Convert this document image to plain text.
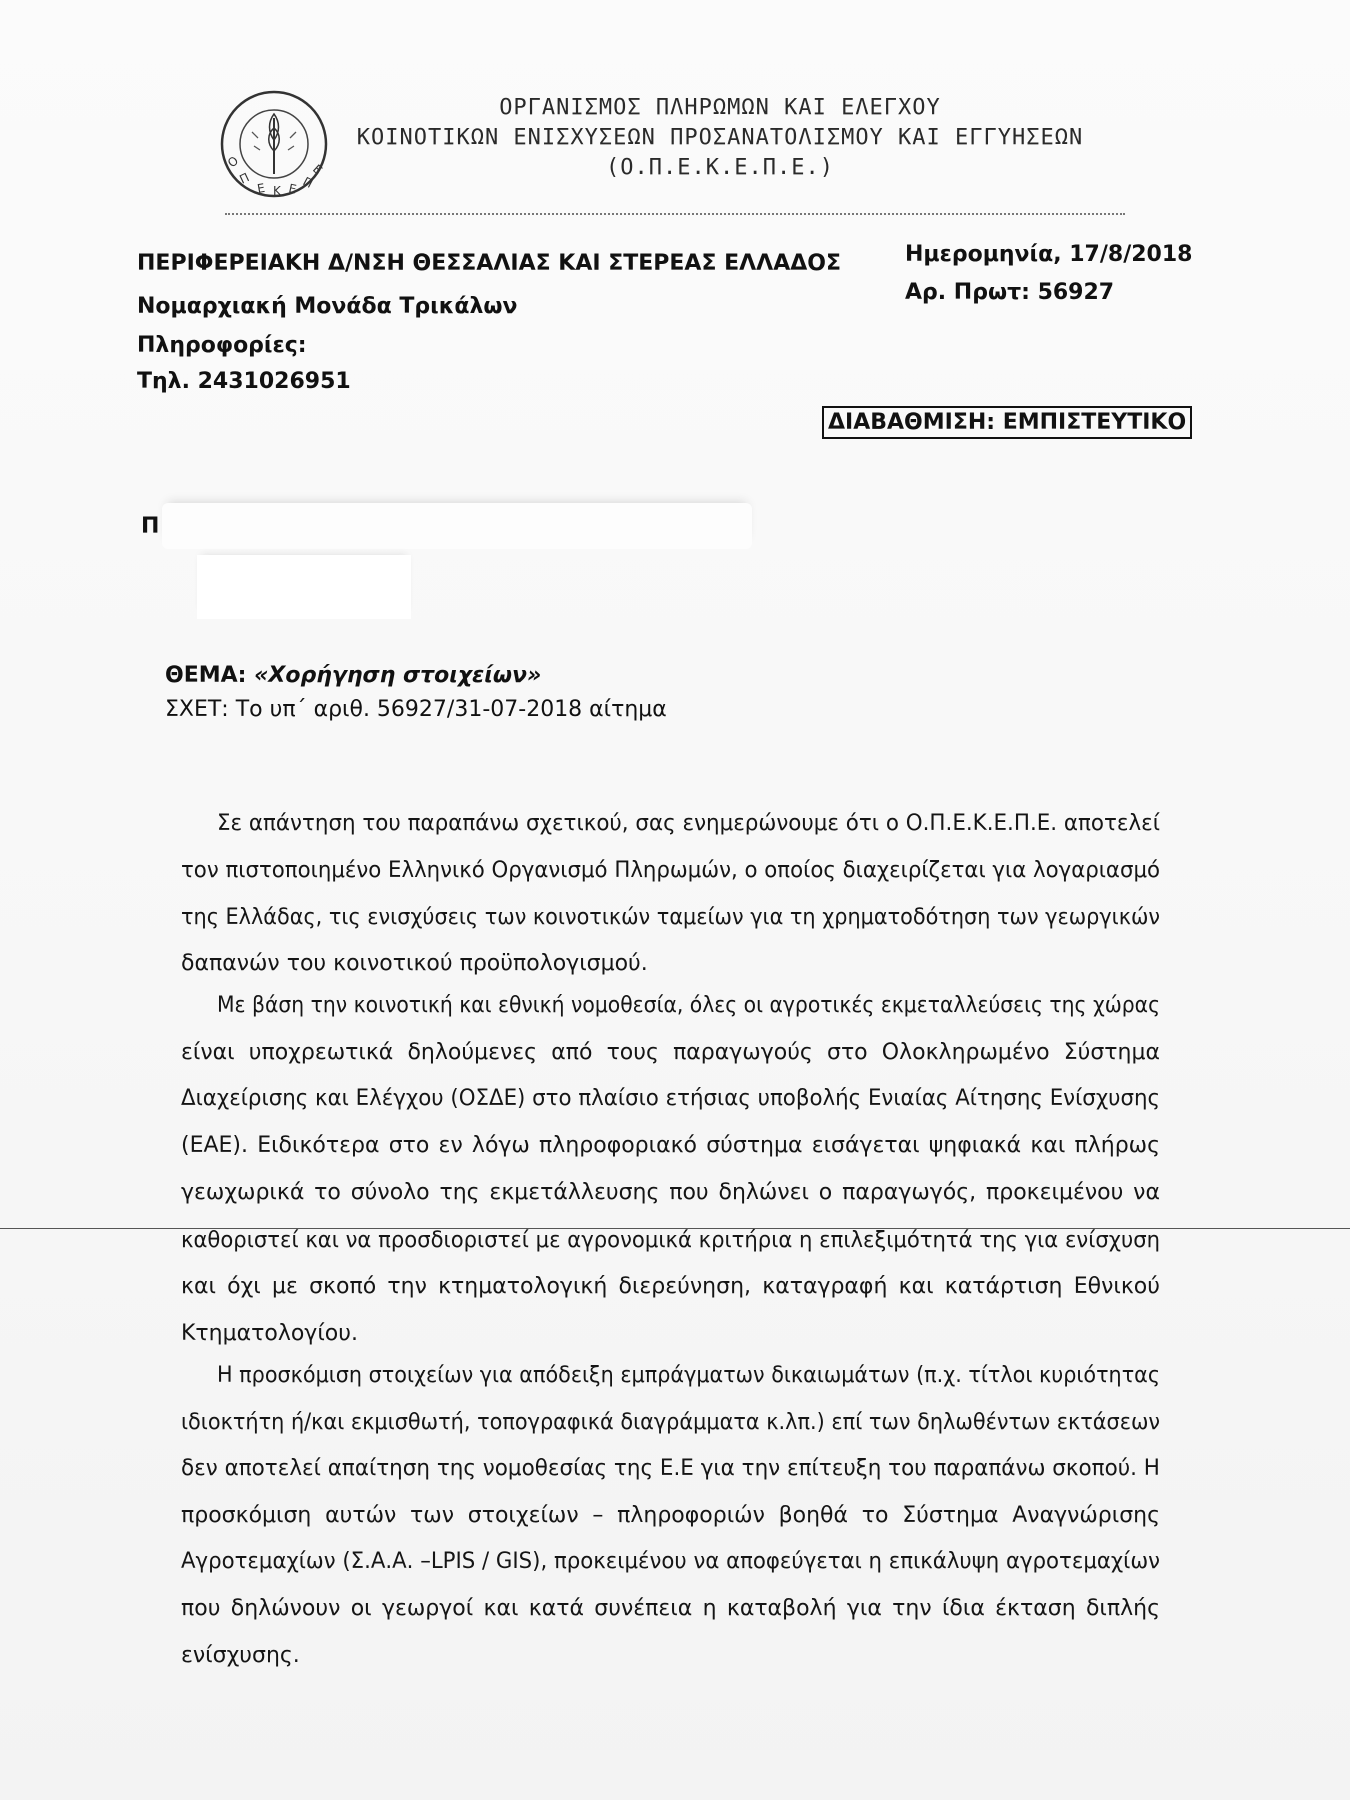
Ο
Π
Ε Κ Ε Π
Ε
ΟΡΓΑΝΙΣΜΟΣ ΠΛΗΡΩΜΩΝ ΚΑΙ ΕΛΕΓΧΟΥ
ΚΟΙΝΟΤΙΚΩΝ ΕΝΙΣΧΥΣΕΩΝ ΠΡΟΣΑΝΑΤΟΛΙΣΜΟΥ ΚΑΙ ΕΓΓΥΗΣΕΩΝ
(Ο.Π.Ε.Κ.Ε.Π.Ε.)
ΠΕΡΙΦΕΡΕΙΑΚΗ Δ/ΝΣΗ ΘΕΣΣΑΛΙΑΣ ΚΑΙ ΣΤΕΡΕΑΣ ΕΛΛΑΔΟΣ
Νομαρχιακή Μονάδα Τρικάλων
Πληροφορίες:
Τηλ. 2431026951
Ημερομηνία, 17/8/2018
Αρ. Πρωτ: 56927
ΔΙΑΒΑΘΜΙΣΗ: ΕΜΠΙΣΤΕΥΤΙΚΟ
Π
ΘΕΜΑ: «Χορήγηση στοιχείων»
ΣΧΕΤ: Το υπ΄ αριθ. 56927/31-07-2018 αίτημα
Σε απάντηση του παραπάνω σχετικού, σας ενημερώνουμε ότι ο Ο.Π.Ε.Κ.Ε.Π.Ε. αποτελεί
τον πιστοποιημένο Ελληνικό Οργανισμό Πληρωμών, ο οποίος διαχειρίζεται για λογαριασμό
της Ελλάδας, τις ενισχύσεις των κοινοτικών ταμείων για τη χρηματοδότηση των γεωργικών
δαπανών του κοινοτικού προϋπολογισμού.
Με βάση την κοινοτική και εθνική νομοθεσία, όλες οι αγροτικές εκμεταλλεύσεις της χώρας
είναι υποχρεωτικά δηλούμενες από τους παραγωγούς στο Ολοκληρωμένο Σύστημα
Διαχείρισης και Ελέγχου (ΟΣΔΕ) στο πλαίσιο ετήσιας υποβολής Ενιαίας Αίτησης Ενίσχυσης
(ΕΑΕ). Ειδικότερα στο εν λόγω πληροφοριακό σύστημα εισάγεται ψηφιακά και πλήρως
γεωχωρικά το σύνολο της εκμετάλλευσης που δηλώνει ο παραγωγός, προκειμένου να
καθοριστεί και να προσδιοριστεί με αγρονομικά κριτήρια η επιλεξιμότητά της για ενίσχυση
και όχι με σκοπό την κτηματολογική διερεύνηση, καταγραφή και κατάρτιση Εθνικού
Κτηματολογίου.
Η προσκόμιση στοιχείων για απόδειξη εμπράγματων δικαιωμάτων (π.χ. τίτλοι κυριότητας
ιδιοκτήτη ή/και εκμισθωτή, τοπογραφικά διαγράμματα κ.λπ.) επί των δηλωθέντων εκτάσεων
δεν αποτελεί απαίτηση της νομοθεσίας της Ε.Ε για την επίτευξη του παραπάνω σκοπού. Η
προσκόμιση αυτών των στοιχείων – πληροφοριών βοηθά το Σύστημα Αναγνώρισης
Αγροτεμαχίων (Σ.Α.Α. –LPIS / GIS), προκειμένου να αποφεύγεται η επικάλυψη αγροτεμαχίων
που δηλώνουν οι γεωργοί και κατά συνέπεια η καταβολή για την ίδια έκταση διπλής
ενίσχυσης.
